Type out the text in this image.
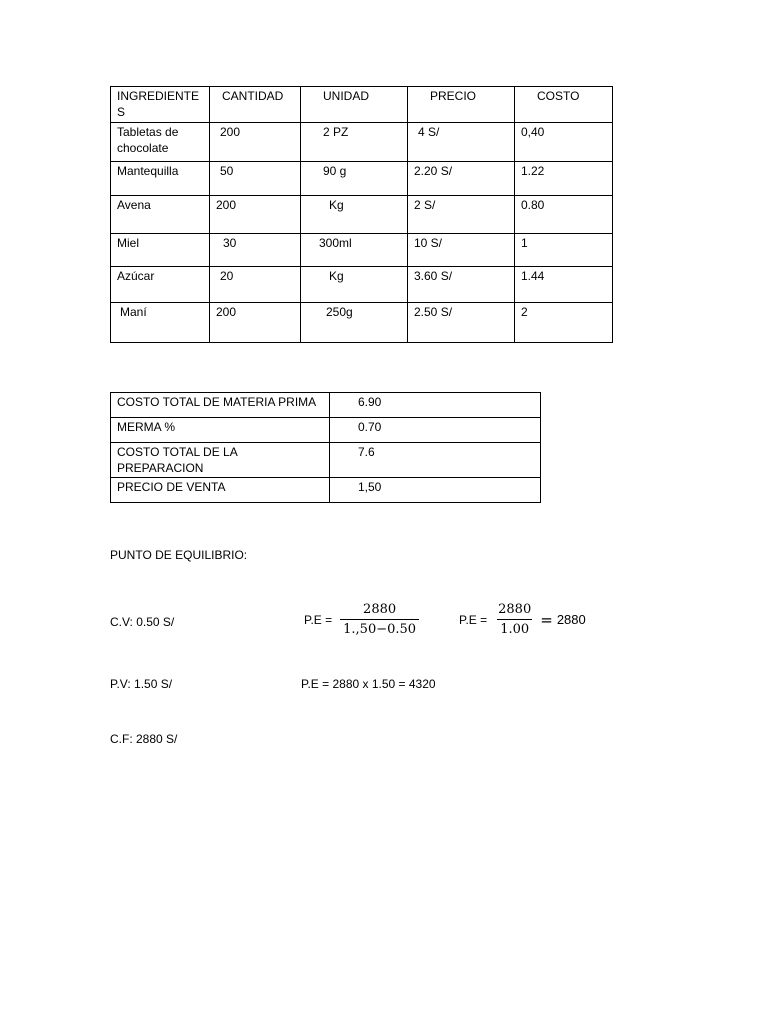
INGREDIENTE S	CANTIDAD	UNIDAD	PRECIO	COSTO
Tabletas de chocolate	200	2 PZ	4 S/	0,40
Mantequilla	50	90 g	2.20 S/	1.22
Avena	200	Kg	2 S/	0.80
Miel	30	300ml	10 S/	1
Azúcar	20	Kg	3.60 S/	1.44
Maní	200	250g	2.50 S/	2
COSTO TOTAL DE MATERIA PRIMA	6.90
MERMA %	0.70
COSTO TOTAL DE LA PREPARACION	7.6
PRECIO DE VENTA	1,50
PUNTO DE EQUILIBRIO:
C.V: 0.50 S/	$P.E = \frac{2880}{1.,50-0.50}$	$P.E = \frac{2880}{1.00} = 2880$
P.V: 1.50 S/	P.E = 2880 x 1.50 = 4320
C.F: 2880 S/
